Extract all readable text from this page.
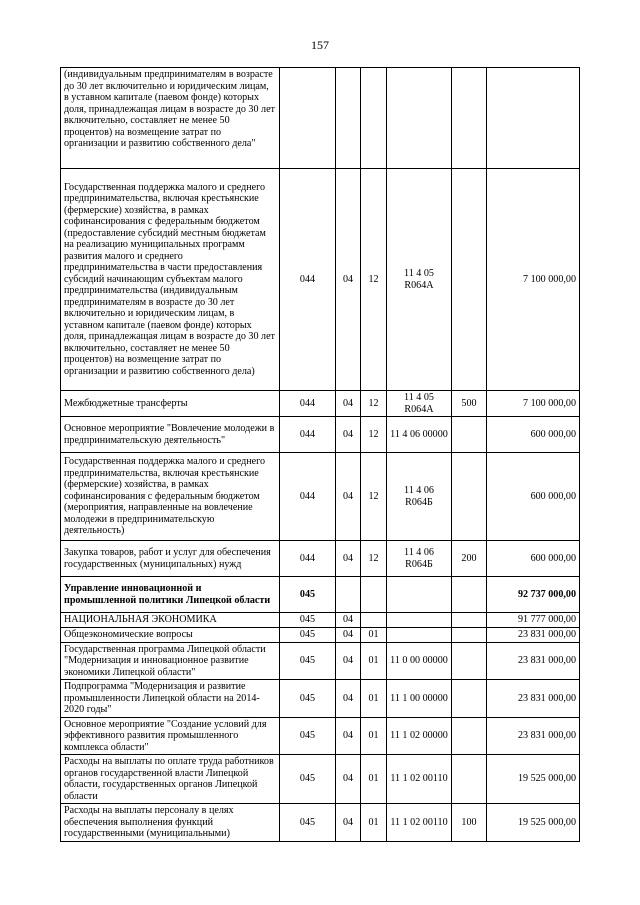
157
(индивидуальным предпринимателям в возрасте до 30 лет включительно и юридическим лицам, в уставном капитале (паевом фонде) которых доля, принадлежащая лицам в возрасте до 30 лет включительно, составляет не менее 50 процентов) на возмещение затрат по организации и развитию собственного дела"						
Государственная поддержка малого и среднего предпринимательства, включая крестьянские (фермерские) хозяйства, в рамках софинансирования с федеральным бюджетом (предоставление субсидий местным бюджетам на реализацию муниципальных программ развития малого и среднего предпринимательства в части предоставления субсидий начинающим субъектам малого предпринимательства (индивидуальным предпринимателям в возрасте до 30 лет включительно и юридическим лицам, в уставном капитале (паевом фонде) которых доля, принадлежащая лицам в возрасте до 30 лет включительно, составляет не менее 50 процентов) на возмещение затрат по организации и развитию собственного дела)	044	04	12	11 4 05 R064А		7 100 000,00
Межбюджетные трансферты	044	04	12	11 4 05 R064А	500	7 100 000,00
Основное мероприятие "Вовлечение молодежи в предпринимательскую деятельность"	044	04	12	11 4 06 00000		600 000,00
Государственная поддержка малого и среднего предпринимательства, включая крестьянские (фермерские) хозяйства, в рамках софинансирования с федеральным бюджетом (мероприятия, направленные на вовлечение молодежи в предпринимательскую деятельность)	044	04	12	11 4 06 R064Б		600 000,00
Закупка товаров, работ и услуг для обеспечения государственных (муниципальных) нужд	044	04	12	11 4 06 R064Б	200	600 000,00
Управление инновационной и промышленной политики Липецкой области	045					92 737 000,00
НАЦИОНАЛЬНАЯ ЭКОНОМИКА	045	04				91 777 000,00
Общеэкономические вопросы	045	04	01			23 831 000,00
Государственная программа Липецкой области "Модернизация и инновационное развитие экономики Липецкой области"	045	04	01	11 0 00 00000		23 831 000,00
Подпрограмма "Модернизация и развитие промышленности Липецкой области на 2014-2020 годы"	045	04	01	11 1 00 00000		23 831 000,00
Основное мероприятие "Создание условий для эффективного развития промышленного комплекса области"	045	04	01	11 1 02 00000		23 831 000,00
Расходы на выплаты по оплате труда работников органов государственной власти Липецкой области, государственных органов Липецкой области	045	04	01	11 1 02 00110		19 525 000,00
Расходы на выплаты персоналу в целях обеспечения выполнения функций государственными (муниципальными)	045	04	01	11 1 02 00110	100	19 525 000,00
